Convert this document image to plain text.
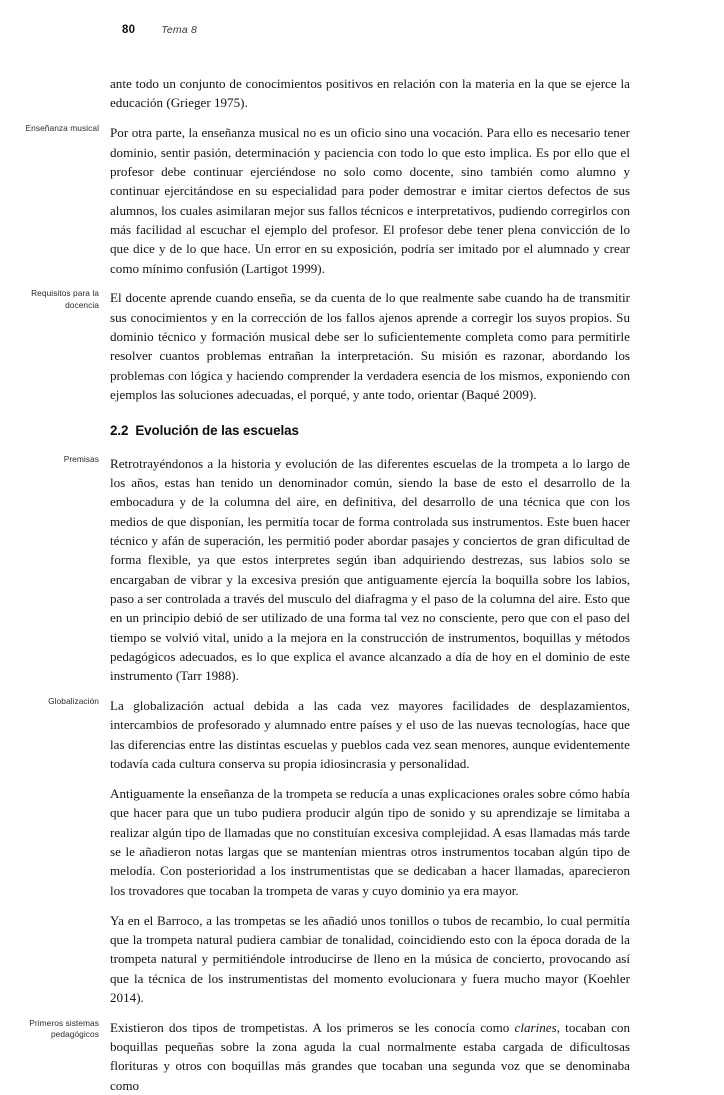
80 Tema 8

ante todo un conjunto de conocimientos positivos en relación con la materia en la que se ejerce la educación (Grieger 1975).

Enseñanza musical Por otra parte, la enseñanza musical no es un oficio sino una vocación. Para ello es necesario tener dominio, sentir pasión, determinación y paciencia con todo lo que esto implica. Es por ello que el profesor debe continuar ejerciéndose no solo como docente, sino también como alumno y continuar ejercitándose en su especialidad para poder demostrar e imitar ciertos defectos de sus alumnos, los cuales asimilaran mejor sus fallos técnicos e interpretativos, pudiendo corregirlos con más facilidad al escuchar el ejemplo del profesor. El profesor debe tener plena convicción de lo que dice y de lo que hace. Un error en su exposición, podría ser imitado por el alumnado y crear como mínimo confusión (Lartigot 1999).

Requisitos para la docencia El docente aprende cuando enseña, se da cuenta de lo que realmente sabe cuando ha de transmitir sus conocimientos y en la corrección de los fallos ajenos aprende a corregir los suyos propios. Su dominio técnico y formación musical debe ser lo suficientemente completa como para permitirle resolver cuantos problemas entrañan la interpretación. Su misión es razonar, abordando los problemas con lógica y haciendo comprender la verdadera esencia de los mismos, exponiendo con ejemplos las soluciones adecuadas, el porqué, y ante todo, orientar (Baqué 2009).

2.2 Evolución de las escuelas
Premisas Retrotrayéndonos a la historia y evolución de las diferentes escuelas de la trompeta a lo largo de los años, estas han tenido un denominador común, siendo la base de esto el desarrollo de la embocadura y de la columna del aire, en definitiva, del desarrollo de una técnica que con los medios de que disponían, les permitía tocar de forma controlada sus instrumentos. Este buen hacer técnico y afán de superación, les permitió poder abordar pasajes y conciertos de gran dificultad de forma flexible, ya que estos interpretes según iban adquiriendo destrezas, sus labios solo se encargaban de vibrar y la excesiva presión que antiguamente ejercía la boquilla sobre los labios, paso a ser controlada a través del musculo del diafragma y el paso de la columna del aire. Esto que en un principio debió de ser utilizado de una forma tal vez no consciente, pero que con el paso del tiempo se volvió vital, unido a la mejora en la construcción de instrumentos, boquillas y métodos pedagógicos adecuados, es lo que explica el avance alcanzado a día de hoy en el dominio de este instrumento (Tarr 1988).

Globalización La globalización actual debida a las cada vez mayores facilidades de desplazamientos, intercambios de profesorado y alumnado entre países y el uso de las nuevas tecnologías, hace que las diferencias entre las distintas escuelas y pueblos cada vez sean menores, aunque evidentemente todavía cada cultura conserva su propia idiosincrasia y personalidad.

Antiguamente la enseñanza de la trompeta se reducía a unas explicaciones orales sobre cómo había que hacer para que un tubo pudiera producir algún tipo de sonido y su aprendizaje se limitaba a realizar algún tipo de llamadas que no constituían excesiva complejidad. A esas llamadas más tarde se le añadieron notas largas que se mantenían mientras otros instrumentos tocaban algún tipo de melodía. Con posterioridad a los instrumentistas que se dedicaban a hacer llamadas, aparecieron los trovadores que tocaban la trompeta de varas y cuyo dominio ya era mayor.

Ya en el Barroco, a las trompetas se les añadió unos tonillos o tubos de recambio, lo cual permitía que la trompeta natural pudiera cambiar de tonalidad, coincidiendo esto con la época dorada de la trompeta natural y permitiéndole introducirse de lleno en la música de concierto, provocando así que la técnica de los instrumentistas del momento evolucionara y fuera mucho mayor (Koehler 2014).

Primeros sistemas pedagógicos Existieron dos tipos de trompetistas. A los primeros se les conocía como clarines, tocaban con boquillas pequeñas sobre la zona aguda la cual normalmente estaba cargada de dificultosas florituras y otros con boquillas más grandes que tocaban una segunda voz que se denominaba como
